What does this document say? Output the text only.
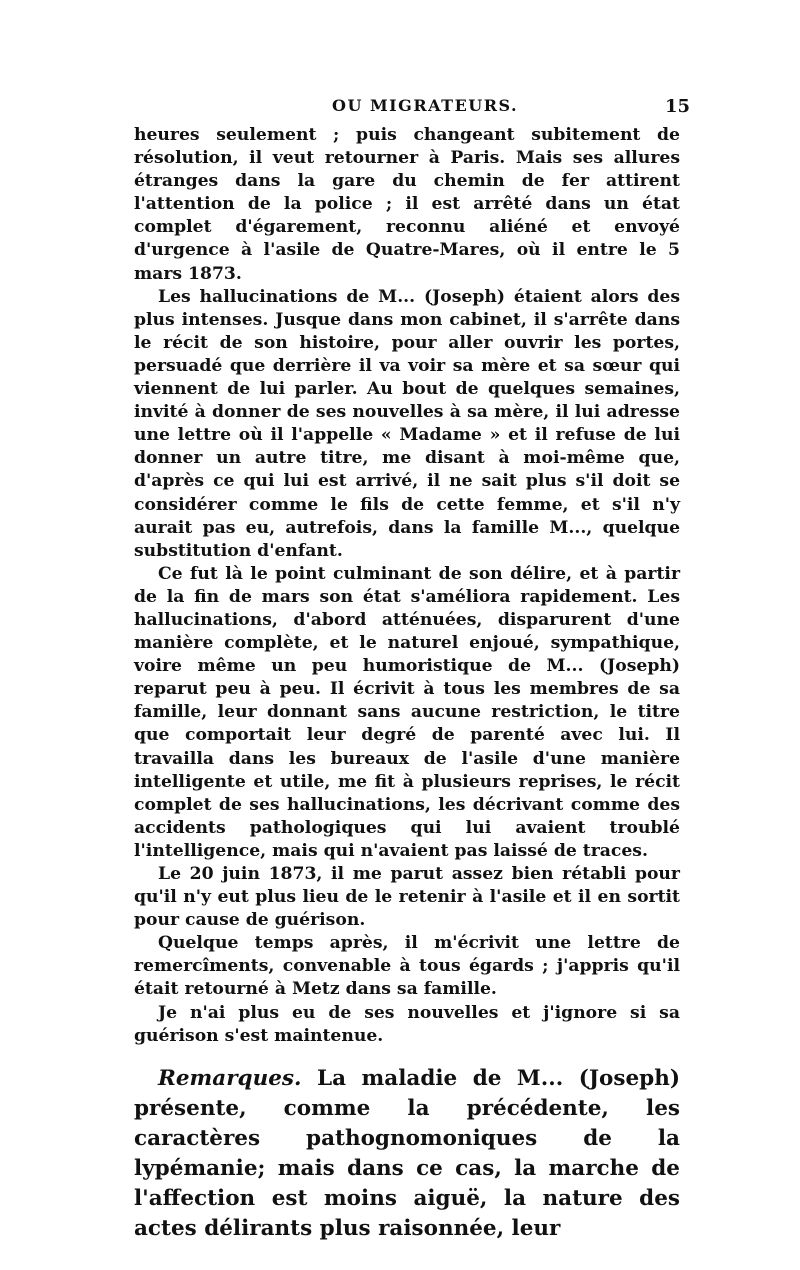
OU MIGRATEURS.	15

heures seulement ; puis changeant subitement de résolution, il veut retourner à Paris. Mais ses allures étranges dans la gare du chemin de fer attirent l'attention de la police ; il est arrêté dans un état complet d'égarement, reconnu aliéné et envoyé d'urgence à l'asile de Quatre-Mares, où il entre le 5 mars 1873.

Les hallucinations de M... (Joseph) étaient alors des plus intenses. Jusque dans mon cabinet, il s'arrête dans le récit de son histoire, pour aller ouvrir les portes, persuadé que derrière il va voir sa mère et sa sœur qui viennent de lui parler. Au bout de quelques semaines, invité à donner de ses nouvelles à sa mère, il lui adresse une lettre où il l'appelle « Madame » et il refuse de lui donner un autre titre, me disant à moi-même que, d'après ce qui lui est arrivé, il ne sait plus s'il doit se considérer comme le fils de cette femme, et s'il n'y aurait pas eu, autrefois, dans la famille M..., quelque substitution d'enfant.

Ce fut là le point culminant de son délire, et à partir de la fin de mars son état s'améliora rapidement. Les hallucinations, d'abord atténuées, disparurent d'une manière complète, et le naturel enjoué, sympathique, voire même un peu humoristique de M... (Joseph) reparut peu à peu. Il écrivit à tous les membres de sa famille, leur donnant sans aucune restriction, le titre que comportait leur degré de parenté avec lui. Il travailla dans les bureaux de l'asile d'une manière intelligente et utile, me fit à plusieurs reprises, le récit complet de ses hallucinations, les décrivant comme des accidents pathologiques qui lui avaient troublé l'intelligence, mais qui n'avaient pas laissé de traces.

Le 20 juin 1873, il me parut assez bien rétabli pour qu'il n'y eut plus lieu de le retenir à l'asile et il en sortit pour cause de guérison.

Quelque temps après, il m'écrivit une lettre de remercîments, convenable à tous égards ; j'appris qu'il était retourné à Metz dans sa famille.

Je n'ai plus eu de ses nouvelles et j'ignore si sa guérison s'est maintenue.

Remarques. La maladie de M... (Joseph) présente, comme la précédente, les caractères pathognomoniques de la lypémanie; mais dans ce cas, la marche de l'affection est moins aiguë, la nature des actes délirants plus raisonnée, leur
